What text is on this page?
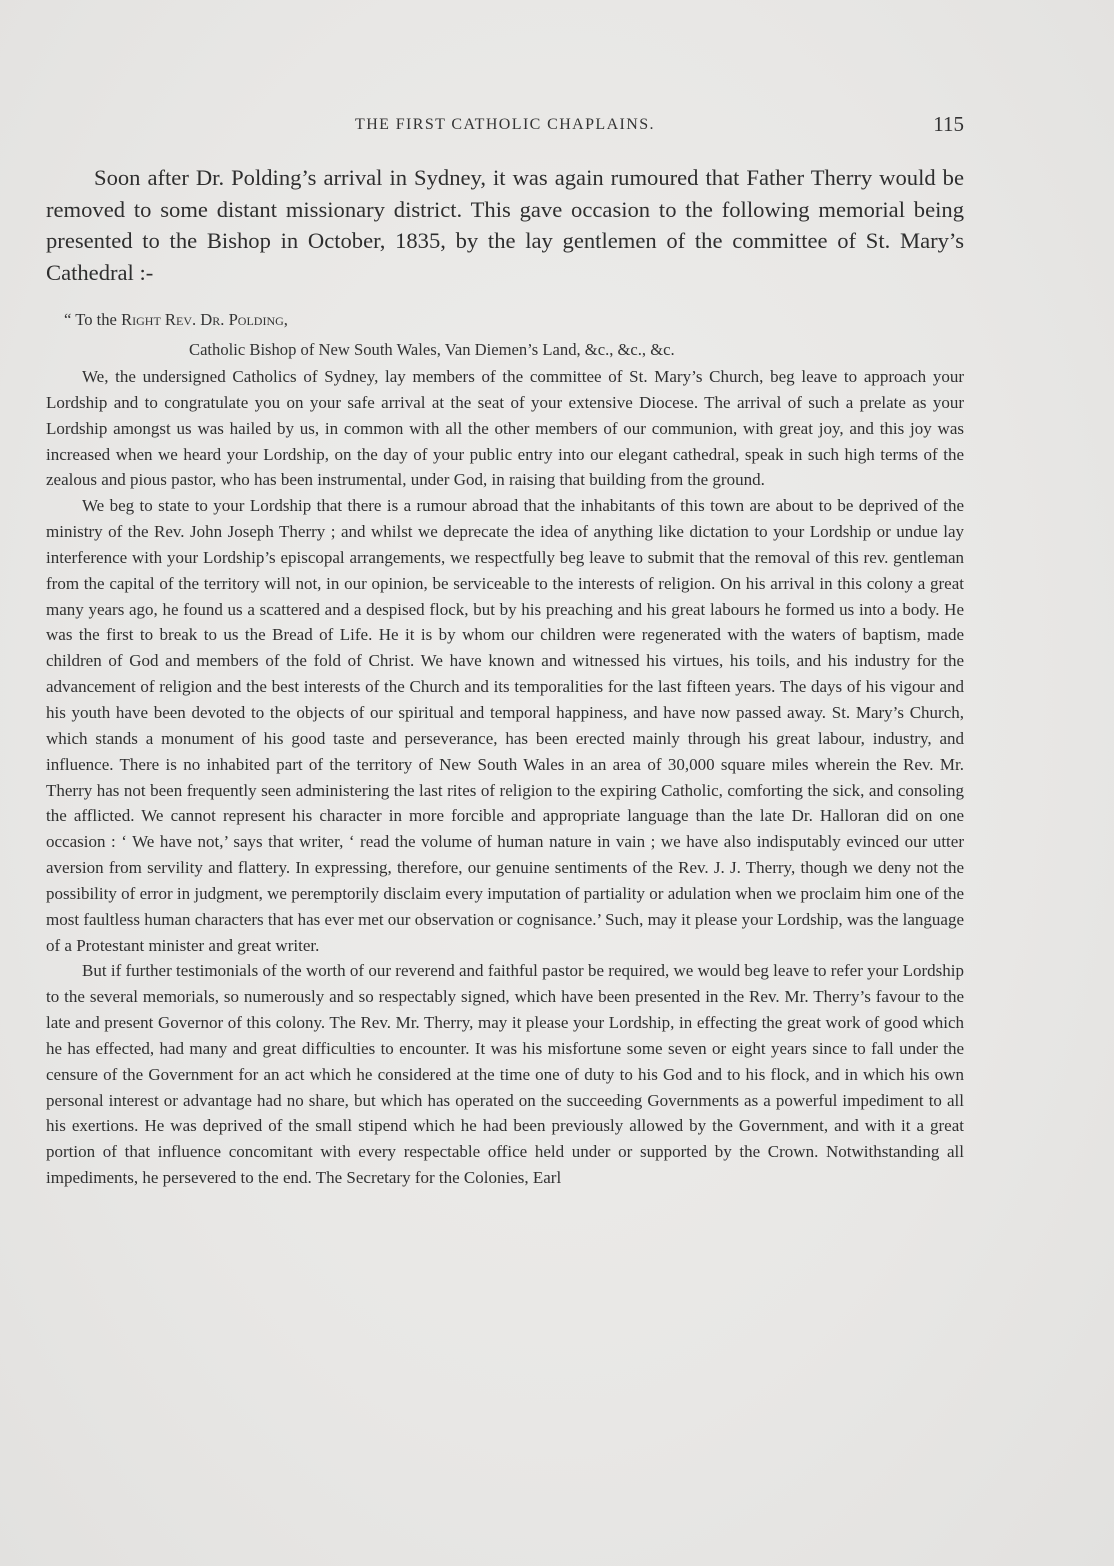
THE FIRST CATHOLIC CHAPLAINS.	115

Soon after Dr. Polding’s arrival in Sydney, it was again rumoured that Father Therry would be removed to some distant missionary district. This gave occasion to the following memorial being presented to the Bishop in October, 1835, by the lay gentlemen of the committee of St. Mary’s Cathedral :-

“ To the Right Rev. Dr. Polding,
Catholic Bishop of New South Wales, Van Diemen’s Land, &c., &c., &c.

We, the undersigned Catholics of Sydney, lay members of the committee of St. Mary’s Church, beg leave to approach your Lordship and to congratulate you on your safe arrival at the seat of your extensive Diocese. The arrival of such a prelate as your Lordship amongst us was hailed by us, in common with all the other members of our communion, with great joy, and this joy was increased when we heard your Lordship, on the day of your public entry into our elegant cathedral, speak in such high terms of the zealous and pious pastor, who has been instrumental, under God, in raising that building from the ground.

We beg to state to your Lordship that there is a rumour abroad that the inhabitants of this town are about to be deprived of the ministry of the Rev. John Joseph Therry ; and whilst we deprecate the idea of anything like dictation to your Lordship or undue lay interference with your Lordship’s episcopal arrangements, we respectfully beg leave to submit that the removal of this rev. gentleman from the capital of the territory will not, in our opinion, be serviceable to the interests of religion. On his arrival in this colony a great many years ago, he found us a scattered and a despised flock, but by his preaching and his great labours he formed us into a body. He was the first to break to us the Bread of Life. He it is by whom our children were regenerated with the waters of baptism, made children of God and members of the fold of Christ. We have known and witnessed his virtues, his toils, and his industry for the advancement of religion and the best interests of the Church and its temporalities for the last fifteen years. The days of his vigour and his youth have been devoted to the objects of our spiritual and temporal happiness, and have now passed away. St. Mary’s Church, which stands a monument of his good taste and perseverance, has been erected mainly through his great labour, industry, and influence. There is no inhabited part of the territory of New South Wales in an area of 30,000 square miles wherein the Rev. Mr. Therry has not been frequently seen administering the last rites of religion to the expiring Catholic, comforting the sick, and consoling the afflicted. We cannot represent his character in more forcible and appropriate language than the late Dr. Halloran did on one occasion : ‘ We have not,’ says that writer, ‘ read the volume of human nature in vain ; we have also indisputably evinced our utter aversion from servility and flattery. In expressing, therefore, our genuine sentiments of the Rev. J. J. Therry, though we deny not the possibility of error in judgment, we peremptorily disclaim every imputation of partiality or adulation when we proclaim him one of the most faultless human characters that has ever met our observation or cognisance.’ Such, may it please your Lordship, was the language of a Protestant minister and great writer.

But if further testimonials of the worth of our reverend and faithful pastor be required, we would beg leave to refer your Lordship to the several memorials, so numerously and so respectably signed, which have been presented in the Rev. Mr. Therry’s favour to the late and present Governor of this colony. The Rev. Mr. Therry, may it please your Lordship, in effecting the great work of good which he has effected, had many and great difficulties to encounter. It was his misfortune some seven or eight years since to fall under the censure of the Government for an act which he considered at the time one of duty to his God and to his flock, and in which his own personal interest or advantage had no share, but which has operated on the succeeding Governments as a powerful impediment to all his exertions. He was deprived of the small stipend which he had been previously allowed by the Government, and with it a great portion of that influence concomitant with every respectable office held under or supported by the Crown. Notwithstanding all impediments, he persevered to the end. The Secretary for the Colonies, Earl
